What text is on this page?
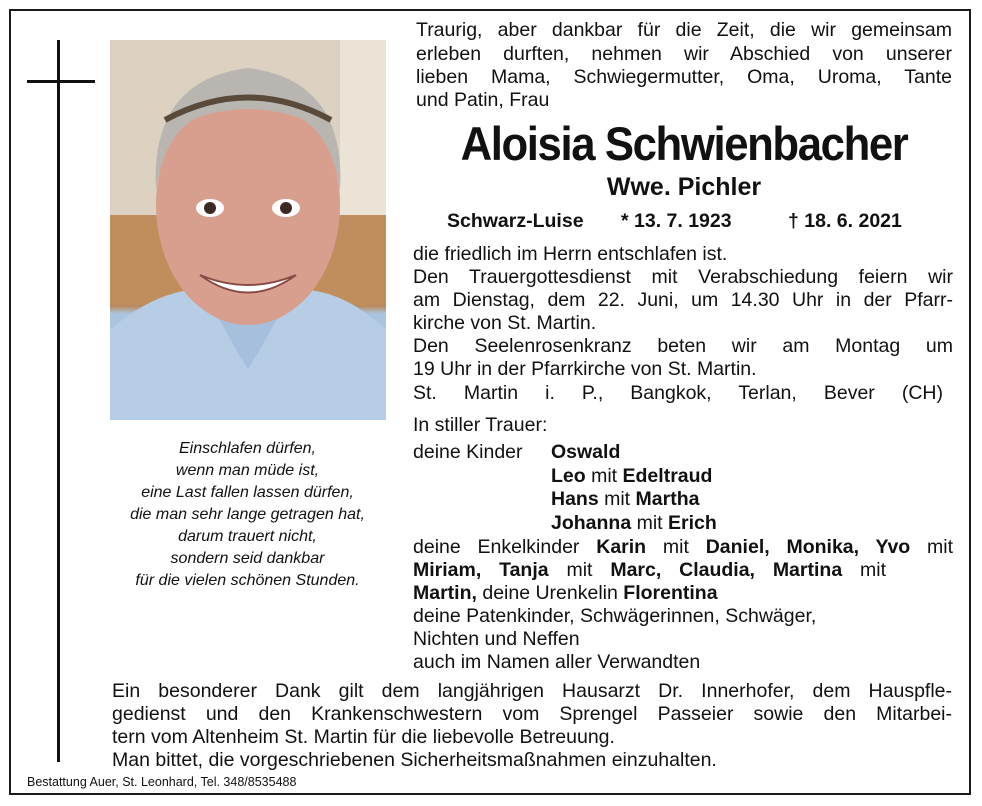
Einschlafen dürfen,
wenn man müde ist,
eine Last fallen lassen dürfen,
die man sehr lange getragen hat,
darum trauert nicht,
sondern seid dankbar
für die vielen schönen Stunden.
Traurig, aber dankbar für die Zeit, die wir gemeinsam
erleben durften, nehmen wir Abschied von unserer
lieben Mama, Schwiegermutter, Oma, Uroma, Tante
und Patin, Frau
Aloisia Schwienbacher
Wwe. Pichler
Schwarz-Luise * 13. 7. 1923	† 18. 6. 2021
die friedlich im Herrn entschlafen ist.
Den Trauergottesdienst mit Verabschiedung feiern wir
am Dienstag, dem 22. Juni, um 14.30 Uhr in der Pfarr-
kirche von St. Martin.
Den Seelenrosenkranz beten wir am Montag um
19 Uhr in der Pfarrkirche von St. Martin.
St. Martin i. P., Bangkok, Terlan, Bever (CH)
In stiller Trauer:
deine Kinder Oswald
Leo mit Edeltraud
Hans mit Martha
Johanna mit Erich
deine Enkelkinder Karin mit Daniel, Monika, Yvo mit
Miriam, Tanja mit Marc, Claudia, Martina mit
Martin, deine Urenkelin Florentina
deine Patenkinder, Schwägerinnen, Schwäger,
Nichten und Neffen
auch im Namen aller Verwandten
Ein besonderer Dank gilt dem langjährigen Hausarzt Dr. Innerhofer, dem Hauspfle-
gedienst und den Krankenschwestern vom Sprengel Passeier sowie den Mitarbei-
tern vom Altenheim St. Martin für die liebevolle Betreuung.
Man bittet, die vorgeschriebenen Sicherheitsmaßnahmen einzuhalten.
Bestattung Auer, St. Leonhard, Tel. 348/8535488
